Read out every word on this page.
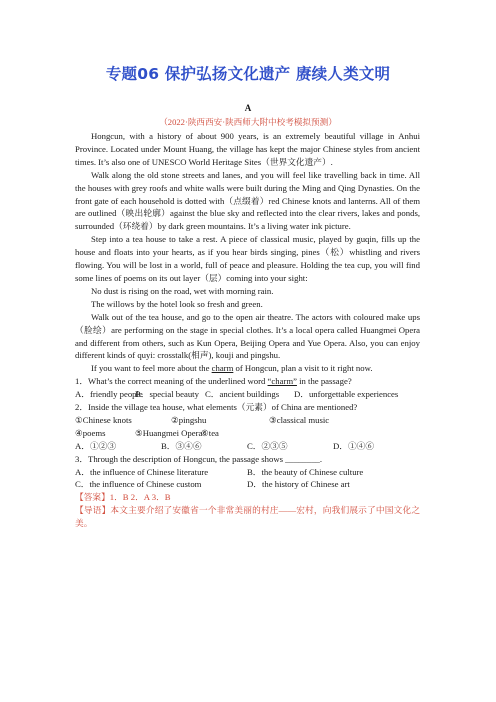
专题06 保护弘扬文化遗产 赓续人类文明
A
（2022·陕西西安·陕西师大附中校考模拟预测）

Hongcun, with a history of about 900 years, is an extremely beautiful village in Anhui Province. Located under Mount Huang, the village has kept the major Chinese styles from ancient times. It’s also one of UNESCO World Heritage Sites（世界文化遗产）.

Walk along the old stone streets and lanes, and you will feel like travelling back in time. All the houses with grey roofs and white walls were built during the Ming and Qing Dynasties. On the front gate of each household is dotted with（点缀着）red Chinese knots and lanterns. All of them are outlined（映出轮廓）against the blue sky and reflected into the clear rivers, lakes and ponds, surrounded（环绕着）by dark green mountains. It’s a living water ink picture.

Step into a tea house to take a rest. A piece of classical music, played by guqin, fills up the house and floats into your hearts, as if you hear birds singing, pines（松）whistling and rivers flowing. You will be lost in a world, full of peace and pleasure. Holding the tea cup, you will find some lines of poems on its out layer（层）coming into your sight:

No dust is rising on the road, wet with morning rain.

The willows by the hotel look so fresh and green.

Walk out of the tea house, and go to the open air theatre. The actors with coloured make ups（脸绘）are performing on the stage in special clothes. It’s a local opera called Huangmei Opera and different from others, such as Kun Opera, Beijing Opera and Yue Opera. Also, you can enjoy different kinds of quyi: crosstalk(相声), kouji and pingshu.

If you want to feel more about the charm of Hongcun, plan a visit to it right now.

1．What’s the correct meaning of the underlined word “charm” in the passage?

A．friendly peopleB．special beauty C．ancient buildings D．unforgettable experiences

2．Inside the village tea house, what elements（元素）of China are mentioned?

①Chinese knots	②pingshu	③classical music
④poems	⑤Huangmei Opera
⑥tea
A．①②③	B．③④⑥	C．②③⑤	D．①④⑥

3．Through the description of Hongcun, the passage shows ________.

A．the influence of Chinese literature	B．the beauty of Chinese culture
C．the influence of Chinese custom	D．the history of Chinese art

【答案】1．B 2．A 3．B

【导语】本文主要介绍了安徽省一个非常美丽的村庄——宏村，向我们展示了中国文化之美。
